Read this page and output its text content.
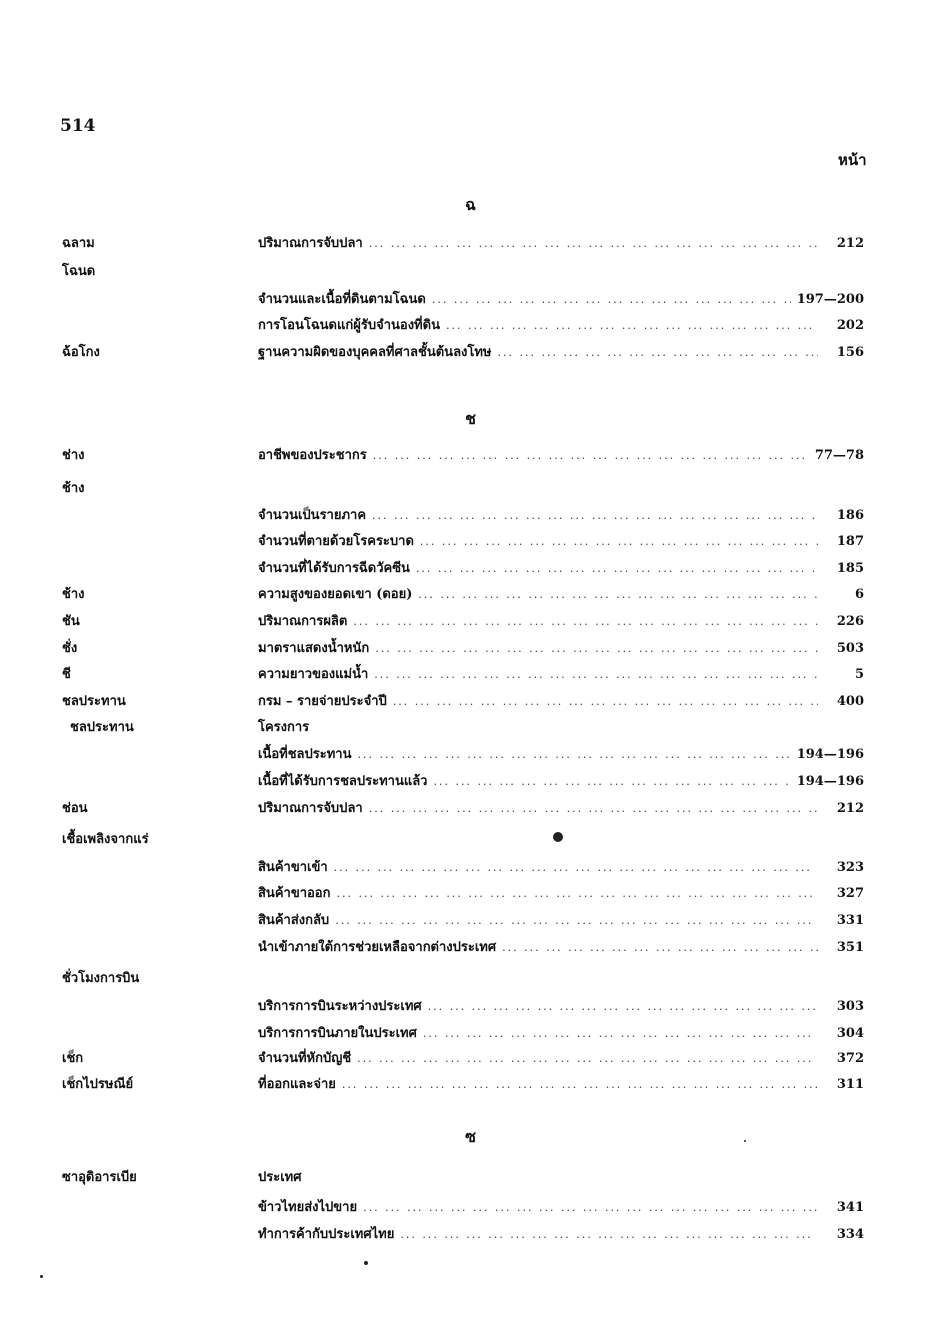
514
หน้า
ฉ
ฉลาม	ปริมาณการจับปลา ... .	212
โฉนด
จำนวนและเนื้อที่ดินตามโฉนด ... .	197—200
การโอนโฉนดแก่ผู้รับจำนองที่ดิน ... .	202
ฉ้อโกง	ฐานความผิดของบุคคลที่ศาลชั้นต้นลงโทษ ... .	156
ช
ช่าง	อาชีพของประชากร ... .	77—78
ช้าง
จำนวนเป็นรายภาค ... .	186
จำนวนที่ตายด้วยโรคระบาด ... .	187
จำนวนที่ได้รับการฉีดวัคซีน ... .	185
ช้าง	ความสูงของยอดเขา (ดอย) ... .	6
ชัน	ปริมาณการผลิต ... .	226
ชั่ง	มาตราแสดงน้ำหนัก ... .	503
ชี	ความยาวของแม่น้ำ ... .	5
ชลประทาน	กรม – รายจ่ายประจำปี ... .	400
ชลประทาน	โครงการ
เนื้อที่ชลประทาน ... .	194—196
เนื้อที่ได้รับการชลประทานแล้ว ... .	194—196
ช่อน	ปริมาณการจับปลา ... .	212
เชื้อเพลิงจากแร่
สินค้าขาเข้า ... .	323
สินค้าขาออก ... .	327
สินค้าส่งกลับ ... .	331
นำเข้าภายใต้การช่วยเหลือจากต่างประเทศ ... .	351
ชั่วโมงการบิน
บริการการบินระหว่างประเทศ ... .	303
บริการการบินภายในประเทศ ... .	304
เช็ก	จำนวนที่หักบัญชี ... .	372
เช็กไปรษณีย์	ที่ออกและจ่าย ... .	311
ซ
ซาอุดิอารเบีย	ประเทศ
ข้าวไทยส่งไปขาย ... .	341
ทำการค้ากับประเทศไทย ... .	334
